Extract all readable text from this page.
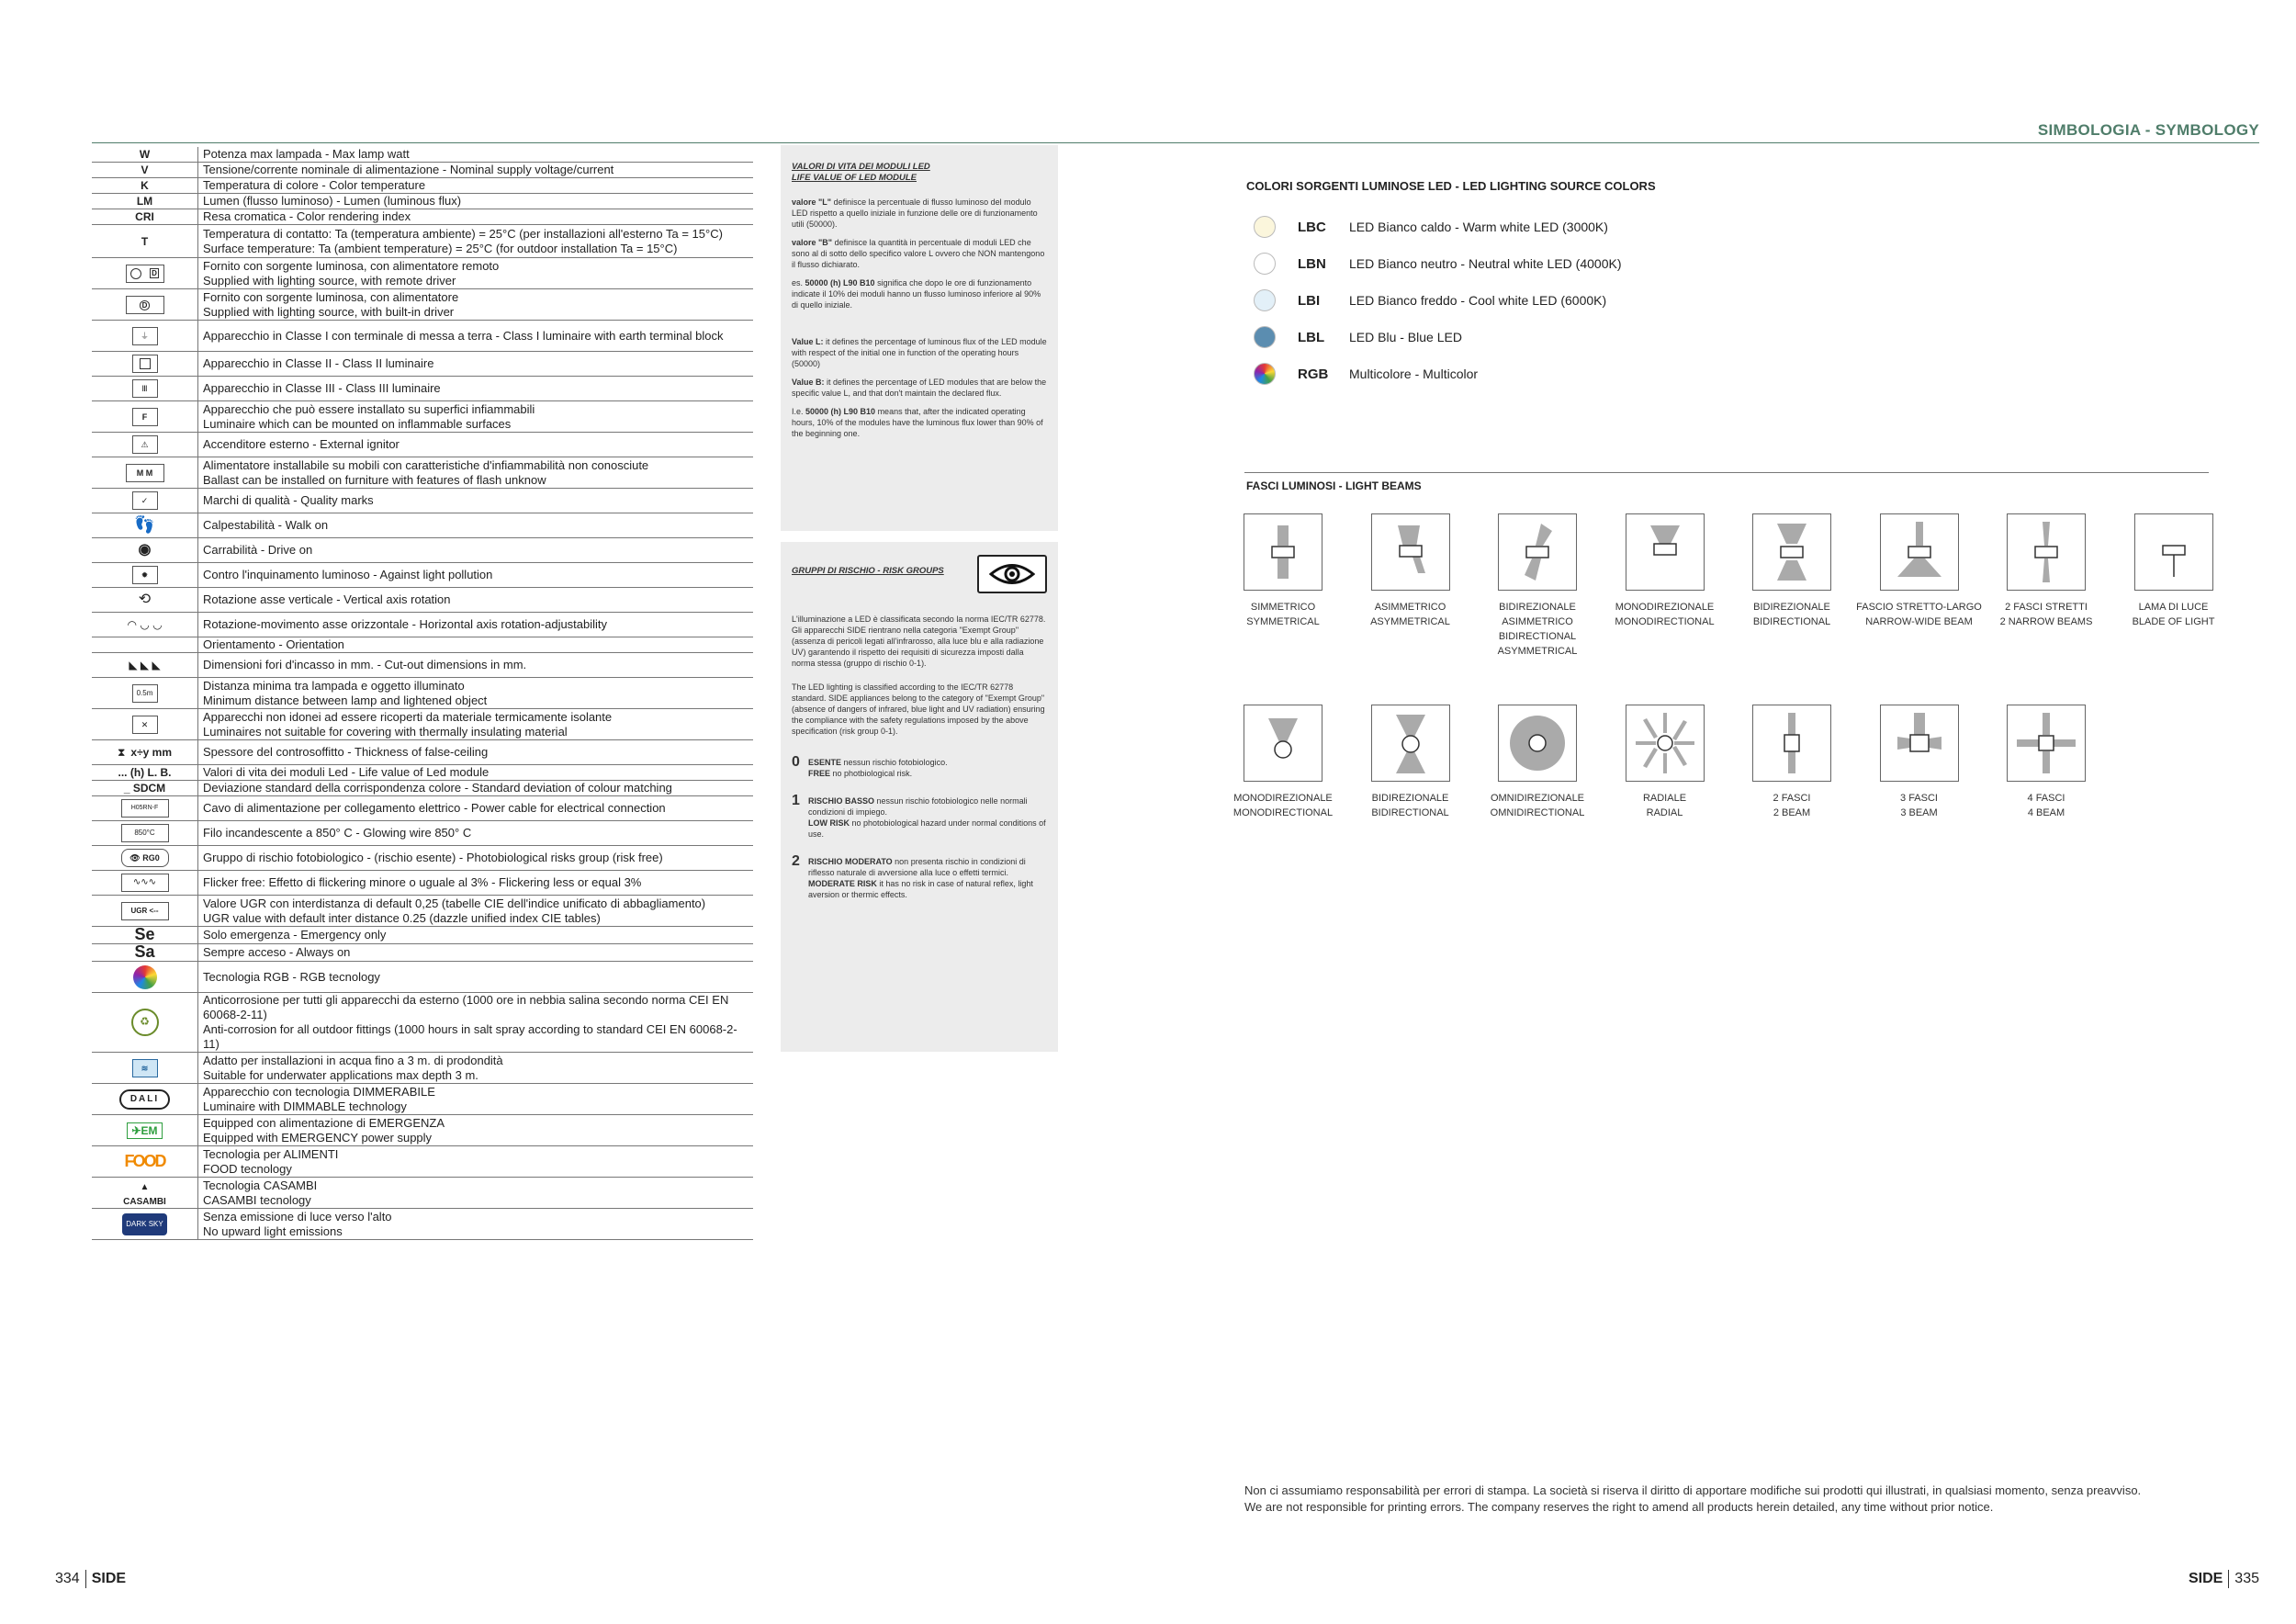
SIMBOLOGIA - SYMBOLOGY
W	Potenza max lampada - Max lamp watt

V	Tensione/corrente nominale di alimentazione - Nominal supply voltage/current

K	Temperatura di colore - Color temperature

LM	Lumen (flusso luminoso) - Lumen (luminous flux)

CRI	Resa cromatica - Color rendering index

T	Temperatura di contatto: Ta (temperatura ambiente) = 25°C (per installazioni all'esterno Ta = 15°C)
Surface temperature: Ta (ambient temperature) = 25°C (for outdoor installation Ta = 15°C)

D	Fornito con sorgente luminosa, con alimentatore remoto
Supplied with lighting source, with remote driver

D	Fornito con sorgente luminosa, con alimentatore
Supplied with lighting source, with built-in driver

⏚	Apparecchio in Classe I con terminale di messa a terra - Class I luminaire with earth terminal block

	Apparecchio in Classe II - Class II luminaire

Ⅲ	Apparecchio in Classe III - Class III luminaire

F	Apparecchio che può essere installato su superfici infiammabili
Luminaire which can be mounted on inflammable surfaces

⚠	Accenditore esterno - External ignitor

M M	Alimentatore installabile su mobili con caratteristiche d'infiammabilità non conosciute
Ballast can be installed on furniture with features of flash unknow

✓	Marchi di qualità - Quality marks

👣	Calpestabilità - Walk on

◉	Carrabilità - Drive on

✹	Contro l'inquinamento luminoso - Against light pollution

⟲	Rotazione asse verticale - Vertical axis rotation

◠ ◡ ◡	Rotazione-movimento asse orizzontale - Horizontal axis rotation-adjustability

	Orientamento - Orientation

◣ ◣ ◣	Dimensioni fori d'incasso in mm. - Cut-out dimensions in mm.

0.5m	Distanza minima tra lampada e oggetto illuminato
Minimum distance between lamp and lightened object

✕	Apparecchi non idonei ad essere ricoperti da materiale termicamente isolante
Luminaires not suitable for covering with thermally insulating material

⧗ x÷y mm	Spessore del controsoffitto - Thickness of false-ceiling

... (h) L. B.	Valori di vita dei moduli Led - Life value of Led module

_ SDCM	Deviazione standard della corrispondenza colore - Standard deviation of colour matching

H05RN-F	Cavo di alimentazione per collegamento elettrico - Power cable for electrical connection

850°C	Filo incandescente a 850° C - Glowing wire 850° C

👁 RG0	Gruppo di rischio fotobiologico - (rischio esente) - Photobiological risks group (risk free)

∿∿∿	Flicker free: Effetto di flickering minore o uguale al 3% - Flickering less or equal 3%

UGR <--	Valore UGR con interdistanza di default 0,25 (tabelle CIE dell'indice unificato di abbagliamento)
UGR value with default inter distance 0.25 (dazzle unified index CIE tables)

Se	Solo emergenza - Emergency only

Sa	Sempre acceso - Always on

	Tecnologia RGB - RGB tecnology

♻	Anticorrosione per tutti gli apparecchi da esterno (1000 ore in nebbia salina secondo norma CEI EN 60068-2-11)
Anti-corrosion for all outdoor fittings (1000 hours in salt spray according to standard CEI EN 60068-2-11)

≋	Adatto per installazioni in acqua fino a 3 m. di prodondità
Suitable for underwater applications max depth 3 m.

DALI	Apparecchio con tecnologia DIMMERABILE
Luminaire with DIMMABLE technology

✈EM	Equipped con alimentazione di EMERGENZA
Equipped with EMERGENCY power supply

FOOD	Tecnologia per ALIMENTI
FOOD tecnology

▲
CASAMBI	Tecnologia CASAMBI
CASAMBI tecnology

DARK SKY	Senza emissione di luce verso l'alto
No upward light emissions

VALORI DI VITA DEI MODULI LED
LIFE VALUE OF LED MODULE

valore "L" definisce la percentuale di flusso luminoso del modulo LED rispetto a quello iniziale in funzione delle ore di funzionamento utili (50000).

valore "B" definisce la quantità in percentuale di moduli LED che sono al di sotto dello specifico valore L ovvero che NON mantengono il flusso dichiarato.

es. 50000 (h) L90 B10 significa che dopo le ore di funzionamento indicate il 10% dei moduli hanno un flusso luminoso inferiore al 90% di quello iniziale.

Value L: it defines the percentage of luminous flux of the LED module with respect of the initial one in function of the operating hours (50000)

Value B: it defines the percentage of LED modules that are below the specific value L, and that don't maintain the declared flux.

I.e. 50000 (h) L90 B10 means that, after the indicated operating hours, 10% of the modules have the luminous flux lower than 90% of the beginning one.

GRUPPI DI RISCHIO - RISK GROUPS

L'illuminazione a LED è classificata secondo la norma IEC/TR 62778. Gli apparecchi SIDE rientrano nella categoria "Exempt Group" (assenza di pericoli legati all'infrarosso, alla luce blu e alla radiazione UV) garantendo il rispetto dei requisiti di sicurezza imposti dalla norma stessa (gruppo di rischio 0-1).

The LED lighting is classified according to the IEC/TR 62778 standard. SIDE appliances belong to the category of "Exempt Group" (absence of dangers of infrared, blue light and UV radiation) ensuring the compliance with the safety regulations imposed by the above specification (risk group 0-1).

0	ESENTE nessun rischio fotobiologico.
FREE no photbiological risk.
1	RISCHIO BASSO nessun rischio fotobiologico nelle normali condizioni di impiego.
LOW RISK no photobiological hazard under normal conditions of use.
2	RISCHIO MODERATO non presenta rischio in condizioni di riflesso naturale di avversione alla luce o effetti termici.
MODERATE RISK it has no risk in case of natural reflex, light aversion or thermic effects.
COLORI SORGENTI LUMINOSE LED - LED LIGHTING SOURCE COLORS
LBC	LED Bianco caldo - Warm white LED (3000K)
LBN	LED Bianco neutro - Neutral white LED (4000K)
LBI	LED Bianco freddo - Cool white LED (6000K)
LBL	LED Blu - Blue LED
RGB	Multicolore - Multicolor
FASCI LUMINOSI - LIGHT BEAMS
SIMMETRICO
SYMMETRICAL
ASIMMETRICO
ASYMMETRICAL
BIDIREZIONALE ASIMMETRICO
BIDIRECTIONAL ASYMMETRICAL
MONODIREZIONALE
MONODIRECTIONAL
BIDIREZIONALE
BIDIRECTIONAL
FASCIO STRETTO-LARGO
NARROW-WIDE BEAM
2 FASCI STRETTI
2 NARROW BEAMS
LAMA DI LUCE
BLADE OF LIGHT
MONODIREZIONALE
MONODIRECTIONAL
BIDIREZIONALE
BIDIRECTIONAL
OMNIDIREZIONALE
OMNIDIRECTIONAL
RADIALE
RADIAL
2 FASCI
2 BEAM
3 FASCI
3 BEAM
4 FASCI
4 BEAM
Non ci assumiamo responsabilità per errori di stampa. La società si riserva il diritto di apportare modifiche sui prodotti qui illustrati, in qualsiasi momento, senza preavviso.
We are not responsible for printing errors. The company reserves the right to amend all products herein detailed, any time without prior notice.
334 SIDE	SIDE 335
